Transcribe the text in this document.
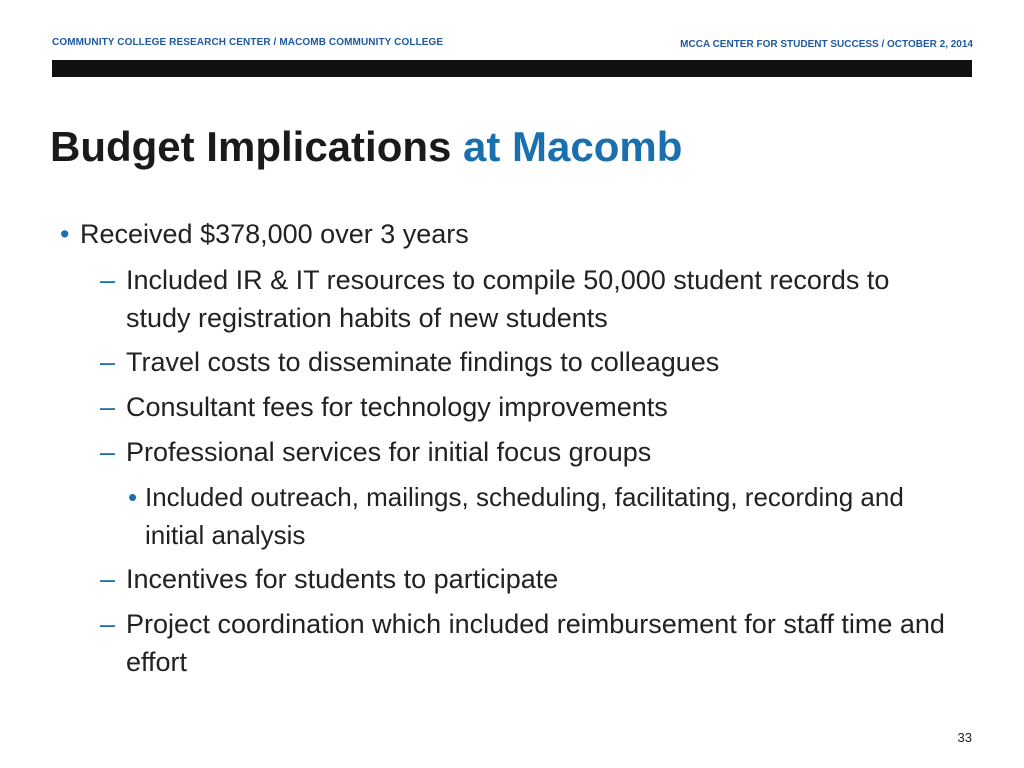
COMMUNITY COLLEGE RESEARCH CENTER / MACOMB COMMUNITY COLLEGE	MCCA CENTER FOR STUDENT SUCCESS / OCTOBER 2, 2014
Budget Implications at Macomb
• Received $378,000 over 3 years
– Included IR & IT resources to compile 50,000 student records to study registration habits of new students
– Travel costs to disseminate findings to colleagues
– Consultant fees for technology improvements
– Professional services for initial focus groups
• Included outreach, mailings, scheduling, facilitating, recording and initial analysis
– Incentives for students to participate
– Project coordination which included reimbursement for staff time and effort
33
